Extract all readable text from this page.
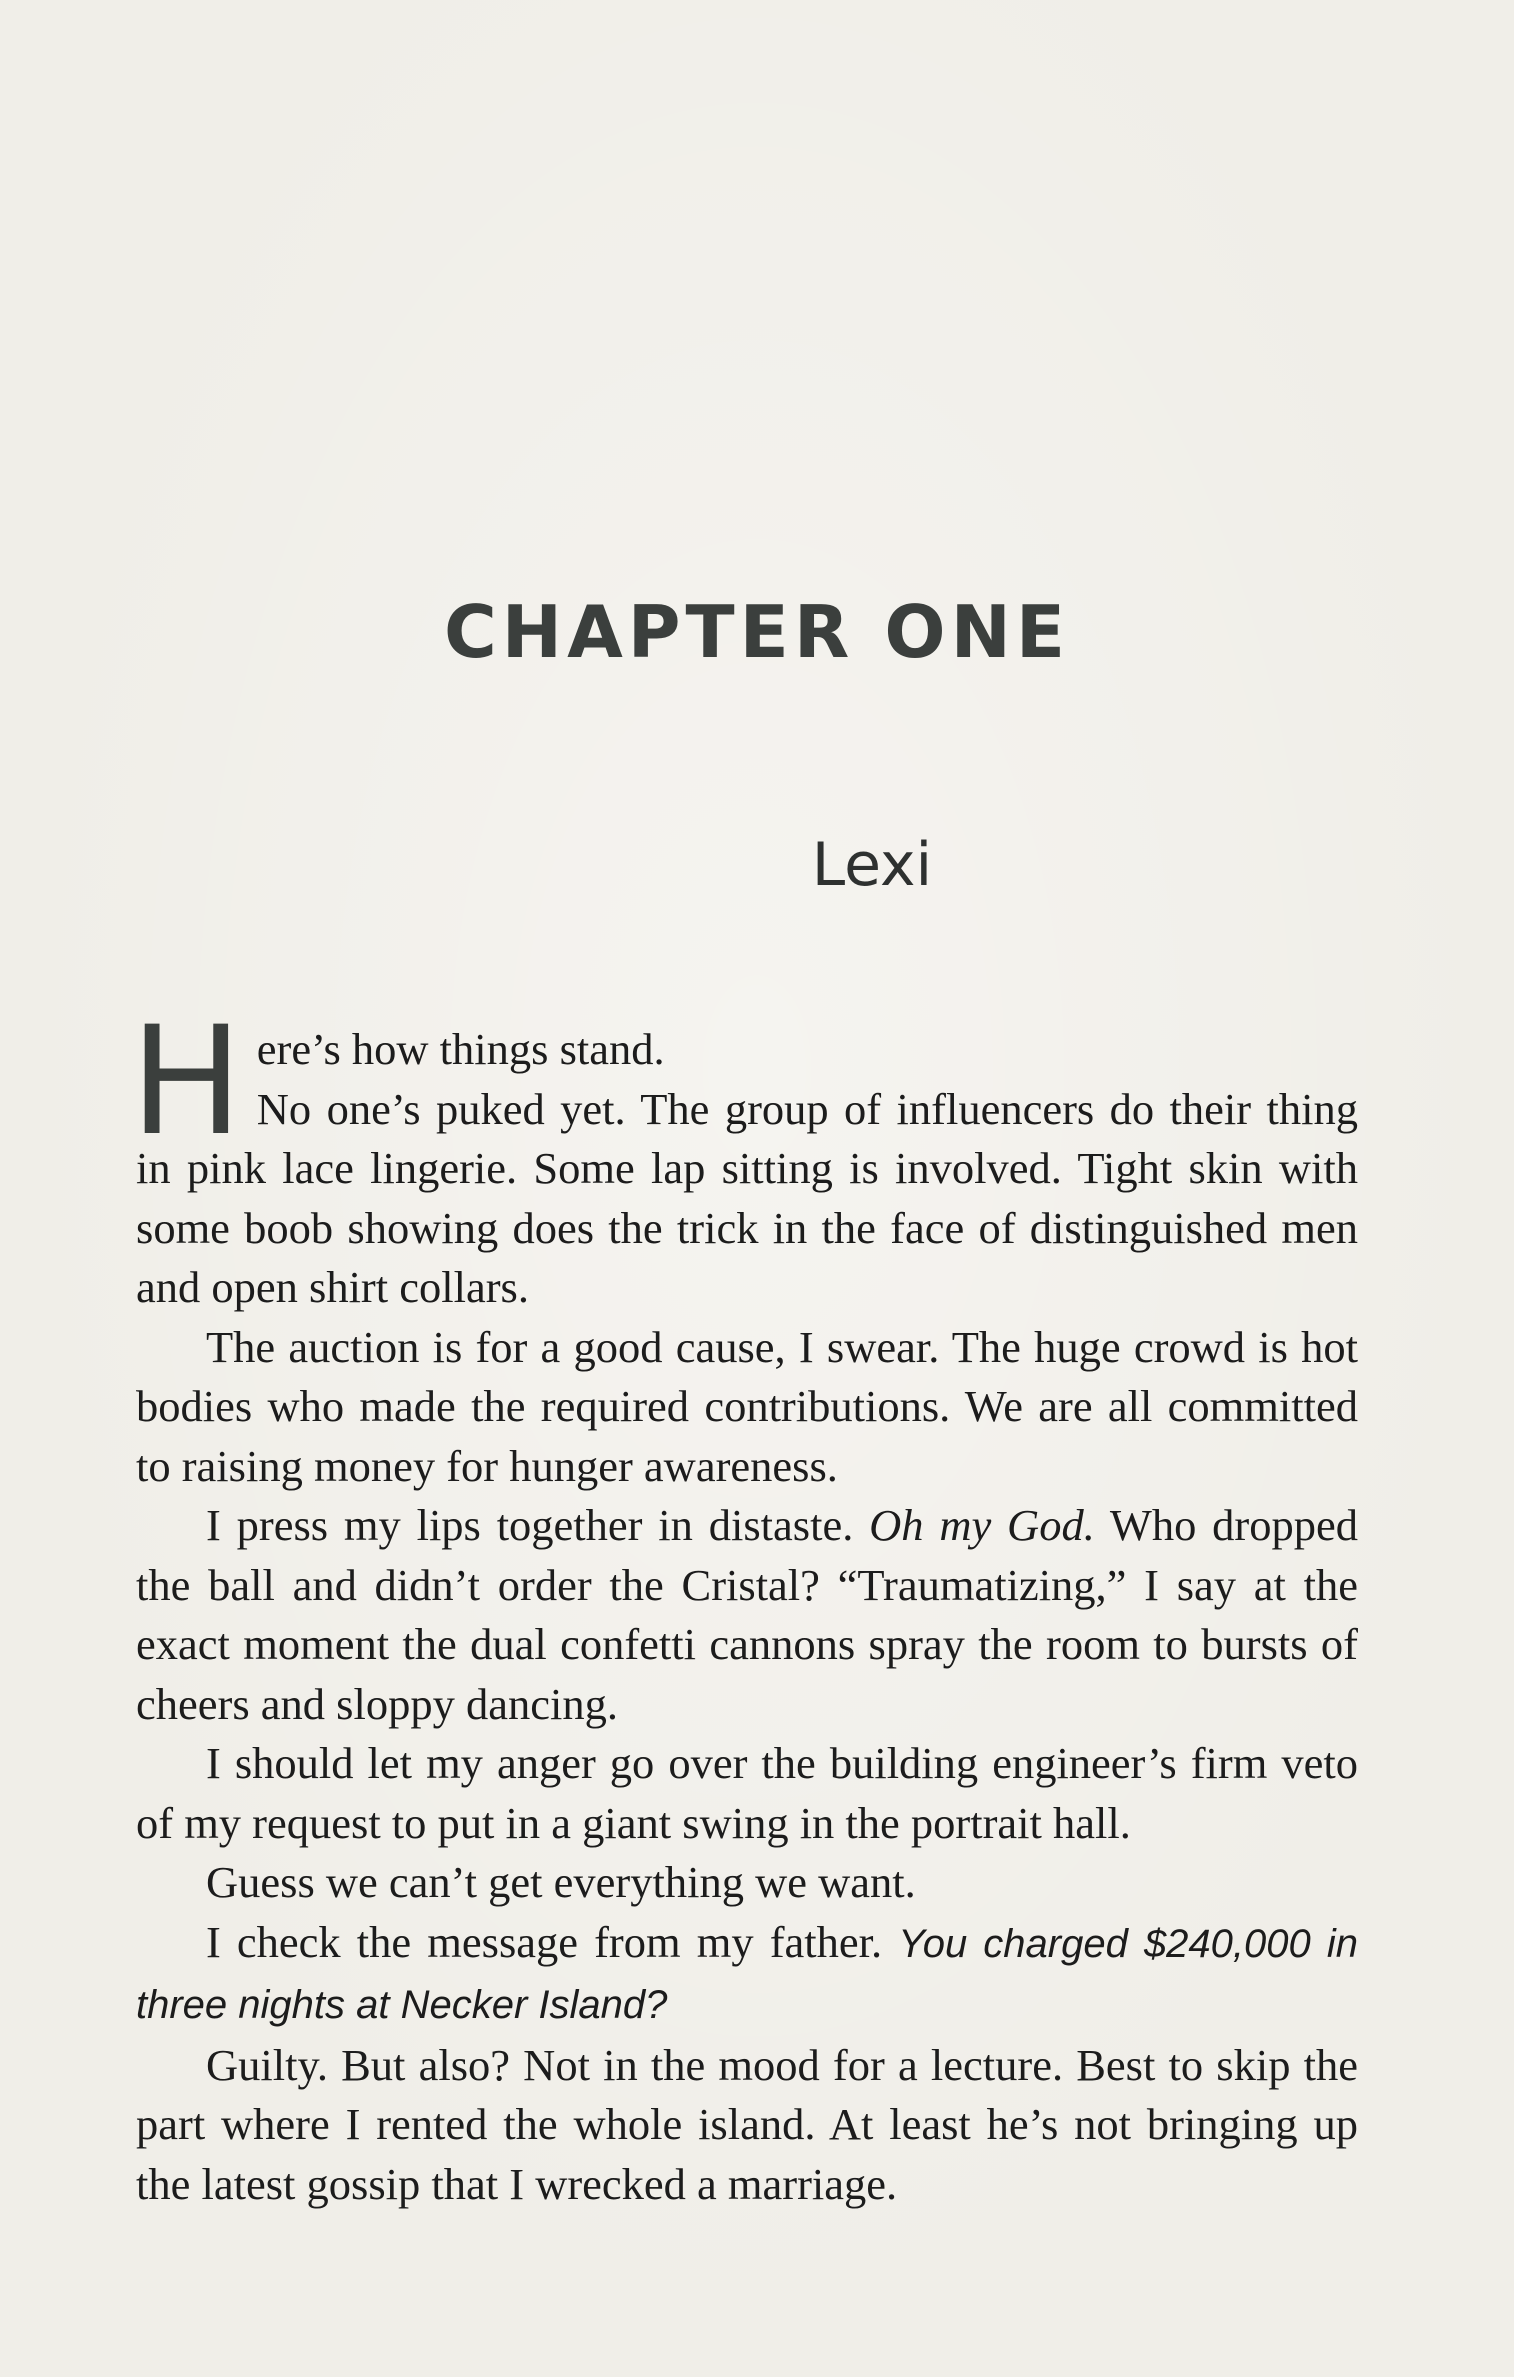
CHAPTER ONE
Lexi
H ere’s how things stand.

No one’s puked yet. The group of influencers do their thing in pink lace lingerie. Some lap sitting is involved. Tight skin with some boob showing does the trick in the face of distinguished men and open shirt collars.

The auction is for a good cause, I swear. The huge crowd is hot bodies who made the required contributions. We are all committed to raising money for hunger awareness.

I press my lips together in distaste. Oh my God. Who dropped the ball and didn’t order the Cristal? “Traumatizing,” I say at the exact moment the dual confetti cannons spray the room to bursts of cheers and sloppy dancing.

I should let my anger go over the building engineer’s firm veto of my request to put in a giant swing in the portrait hall.

Guess we can’t get everything we want.

I check the message from my father. You charged $240,000 in three nights at Necker Island?

Guilty. But also? Not in the mood for a lecture. Best to skip the part where I rented the whole island. At least he’s not bringing up the latest gossip that I wrecked a marriage.
